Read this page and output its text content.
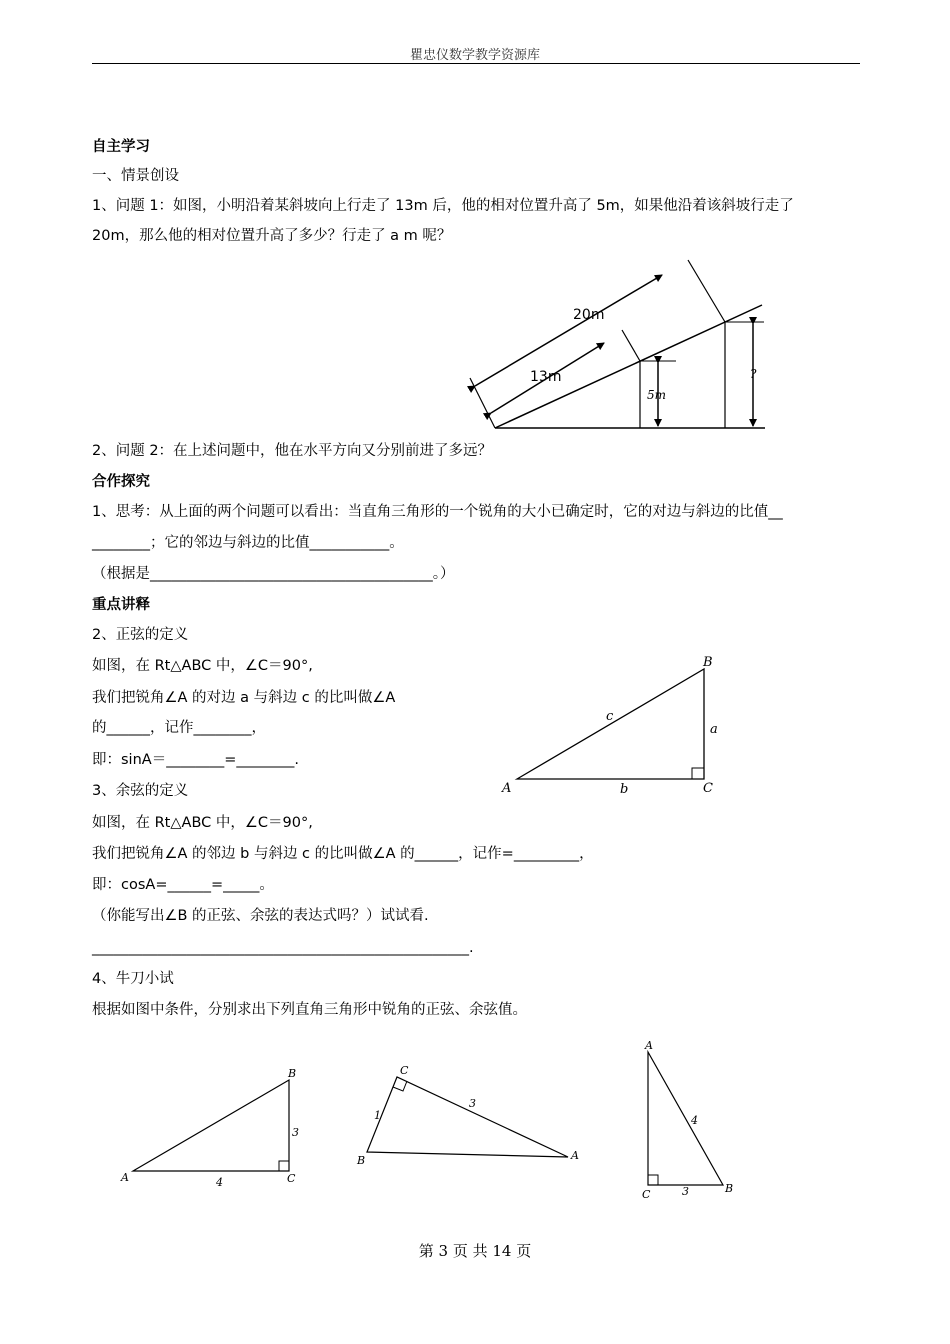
瞿忠仪数学教学资源库
自主学习
一、情景创设
1、问题 1：如图，小明沿着某斜坡向上行走了 13m 后，他的相对位置升高了 5m，如果他沿着该斜坡行走了
20m，那么他的相对位置升高了多少？行走了 a m 呢？
20m
13m
5m
?
2、问题 2：在上述问题中，他在水平方向又分别前进了多远？
合作探究
1、思考：从上面的两个问题可以看出：当直角三角形的一个锐角的大小已确定时，它的对边与斜边的比值__
________；它的邻边与斜边的比值___________。
（根据是_______________________________________。）
重点讲释
2、正弦的定义
如图，在 Rt△ABC 中，∠C＝90°,
我们把锐角∠A 的对边 a 与斜边 c 的比叫做∠A
的______，记作________，
即：sinA＝________=________.
B
A	C
a
b
c
3、余弦的定义
如图，在 Rt△ABC 中，∠C＝90°,
我们把锐角∠A 的邻边 b 与斜边 c 的比叫做∠A 的______，记作=_________，
即：cosA=______=_____。
（你能写出∠B 的正弦、余弦的表达式吗？）试试看.
____________________________________________________.
4、牛刀小试
根据如图中条件，分别求出下列直角三角形中锐角的正弦、余弦值。
B
A	C
3
4
C
B	A
1
3
A
C	B
4
3
第 3 页 共 14 页
